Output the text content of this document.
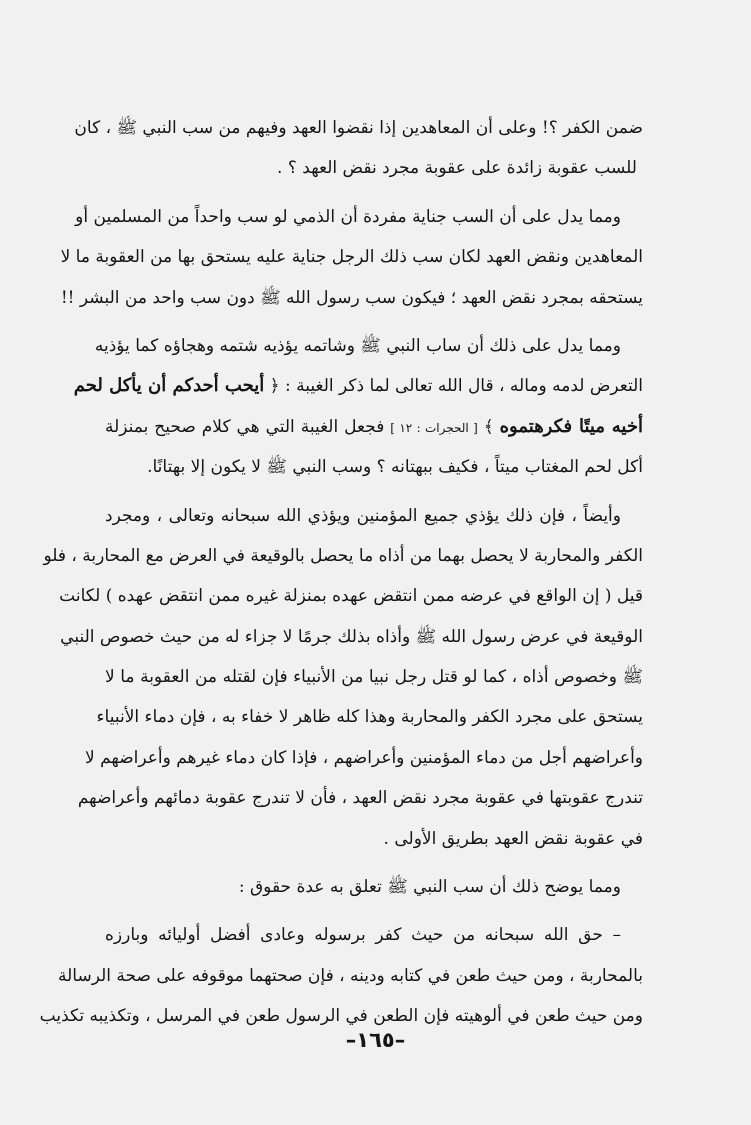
ضمن الكفر ؟! وعلى أن المعاهدين إذا نقضوا العهد وفيهم من سب النبي ﷺ ، كان
للسب عقوبة زائدة على عقوبة مجرد نقض العهد ؟ .
ومما يدل على أن السب جناية مفردة أن الذمي لو سب واحداً من المسلمين أو
المعاهدين ونقض العهد لكان سب ذلك الرجل جناية عليه يستحق بها من العقوبة ما لا
يستحقه بمجرد نقض العهد ؛ فيكون سب رسول الله ﷺ دون سب واحد من البشر !!
ومما يدل على ذلك أن ساب النبي ﷺ وشاتمه يؤذيه شتمه وهجاؤه كما يؤذيه
التعرض لدمه وماله ، قال الله تعالى لما ذكر الغيبة : ﴿ أيحب أحدكم أن يأكل لحم
أخيه ميتًا فكرهتموه ﴾ [ الحجرات : ١٢ ] فجعل الغيبة التي هي كلام صحيح بمنزلة
أكل لحم المغتاب ميتاً ، فكيف ببهتانه ؟ وسب النبي ﷺ لا يكون إلا بهتانًا.
وأيضاً ، فإن ذلك يؤذي جميع المؤمنين ويؤذي الله سبحانه وتعالى ، ومجرد
الكفر والمحاربة لا يحصل بهما من أذاه ما يحصل بالوقيعة في العرض مع المحاربة ، فلو
قيل ( إن الواقع في عرضه ممن انتقض عهده بمنزلة غيره ممن انتقض عهده ) لكانت
الوقيعة في عرض رسول الله ﷺ وأذاه بذلك جرمًا لا جزاء له من حيث خصوص النبي
ﷺ وخصوص أذاه ، كما لو قتل رجل نبيا من الأنبياء فإن لقتله من العقوبة ما لا
يستحق على مجرد الكفر والمحاربة وهذا كله ظاهر لا خفاء به ، فإن دماء الأنبياء
وأعراضهم أجل من دماء المؤمنين وأعراضهم ، فإذا كان دماء غيرهم وأعراضهم لا
تندرج عقوبتها في عقوبة مجرد نقض العهد ، فأن لا تندرج عقوبة دمائهم وأعراضهم
في عقوبة نقض العهد بطريق الأولى .
ومما يوضح ذلك أن سب النبي ﷺ تعلق به عدة حقوق :
– حق الله سبحانه من حيث كفر برسوله وعادى أفضل أوليائه وبارزه
بالمحاربة ، ومن حيث طعن في كتابه ودينه ، فإن صحتهما موقوفه على صحة الرسالة
ومن حيث طعن في ألوهيته فإن الطعن في الرسول طعن في المرسل ، وتكذيبه تكذيب
–١٦٥–
